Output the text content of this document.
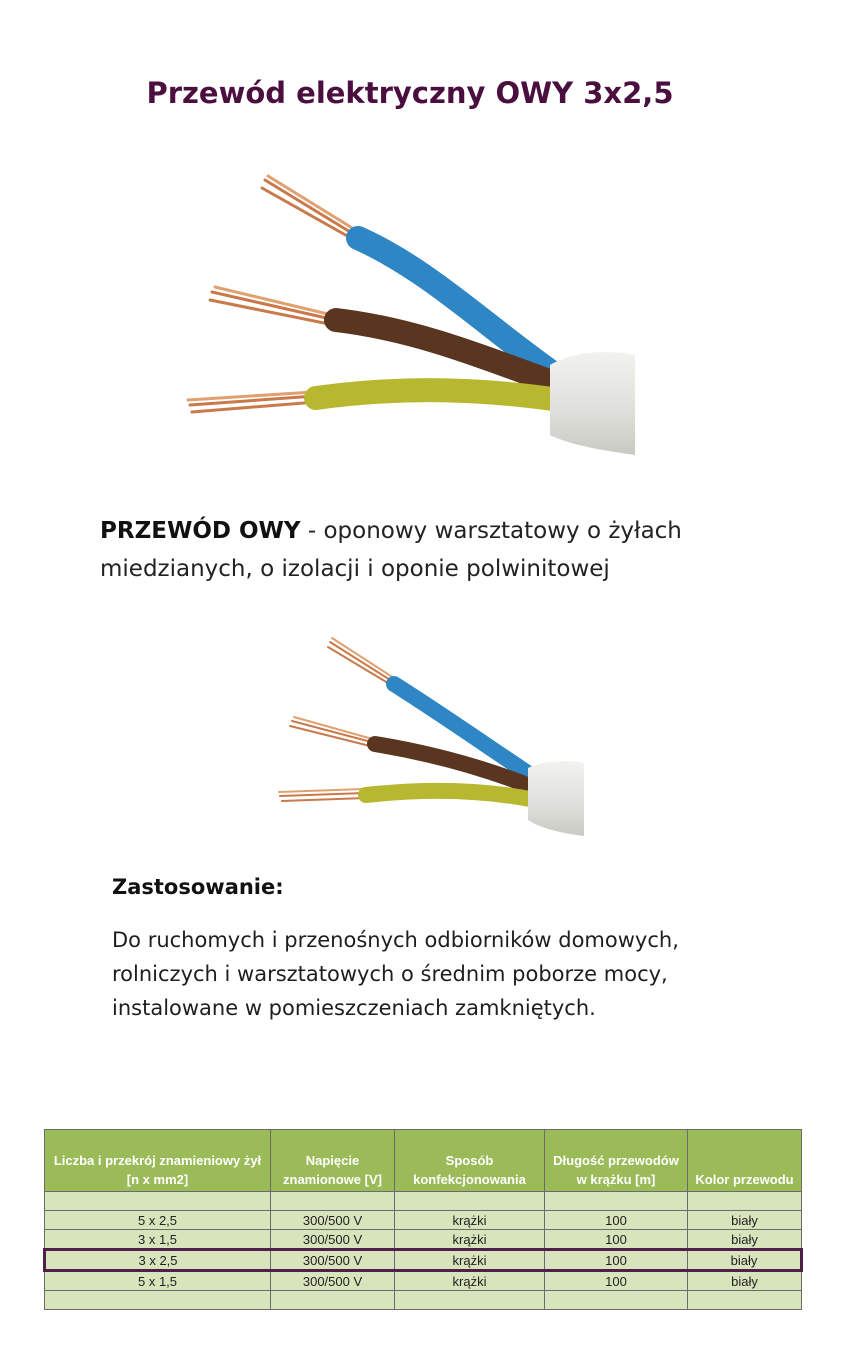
Przewód elektryczny OWY 3x2,5

PRZEWÓD OWY - oponowy warsztatowy o żyłach miedzianych, o izolacji i oponie polwinitowej

Zastosowanie:

Do ruchomych i przenośnych odbiorników domowych, rolniczych i warsztatowych o średnim poborze mocy, instalowane w pomieszczeniach zamkniętych.

Liczba i przekrój znamieniowy żył [n x mm2]	Napięcie znamionowe [V]	Sposób konfekcjonowania	Długość przewodów w krążku [m]	Kolor przewodu

5 x 2,5	300/500 V	krążki	100	biały
3 x 1,5	300/500 V	krążki	100	biały
3 x 2,5	300/500 V	krążki	100	biały
5 x 1,5	300/500 V	krążki	100	biały
